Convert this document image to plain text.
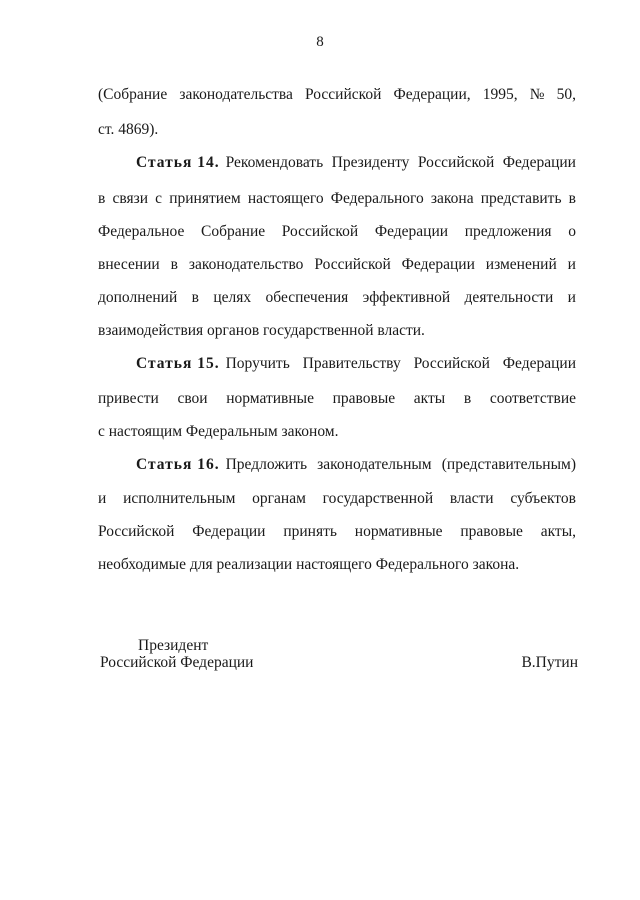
8
(Собрание законодательства Российской Федерации, 1995, № 50,
ст. 4869).
Статья 14. Рекомендовать Президенту Российской Федерации
в связи с принятием настоящего Федерального закона представить в
Федеральное Собрание Российской Федерации предложения о
внесении в законодательство Российской Федерации изменений и
дополнений в целях обеспечения эффективной деятельности и
взаимодействия органов государственной власти.
Статья 15. Поручить Правительству Российской Федерации
привести свои нормативные правовые акты в соответствие
с настоящим Федеральным законом.
Статья 16. Предложить законодательным (представительным)
и исполнительным органам государственной власти субъектов
Российской Федерации принять нормативные правовые акты,
необходимые для реализации настоящего Федерального закона.
Президент
Российской Федерации	В.Путин
